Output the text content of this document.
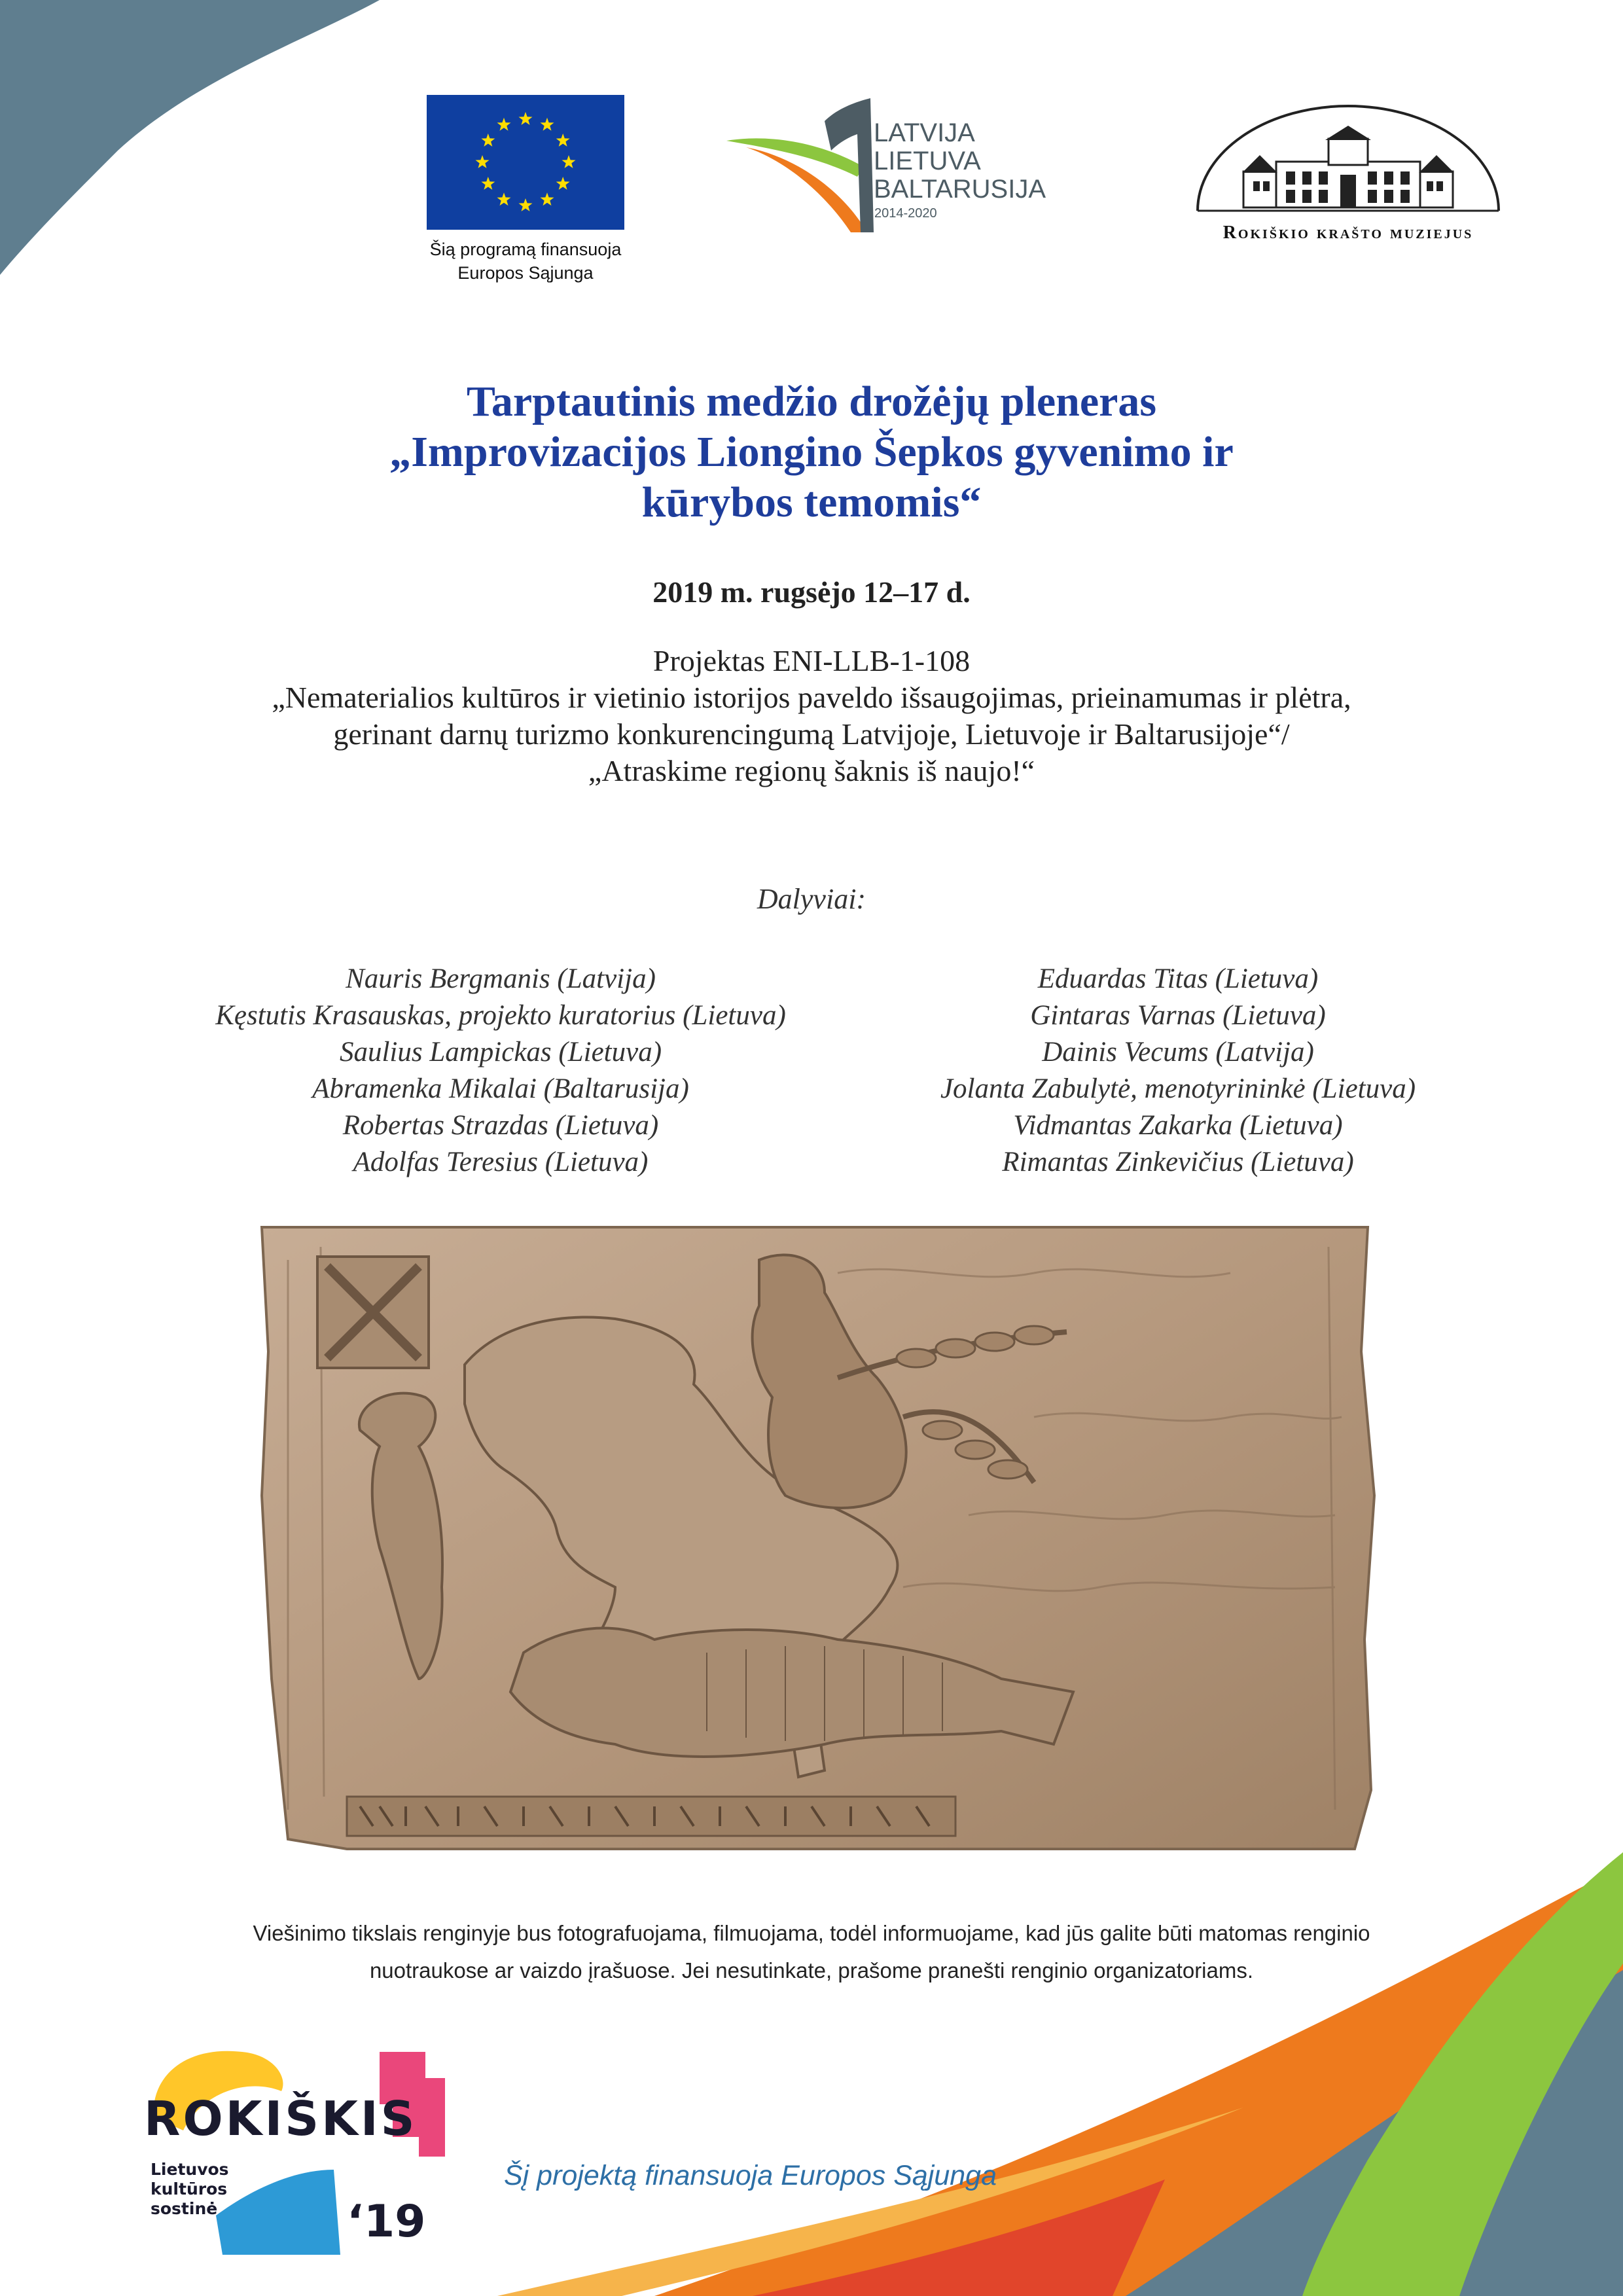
Šią programą finansuoja
Europos Sąjunga
LATVIJA
LIETUVA
BALTARUSIJA
2014-2020
Rokiškio krašto muziejus
Tarptautinis medžio drožėjų pleneras
„Improvizacijos Liongino Šepkos gyvenimo ir
kūrybos temomis“
2019 m. rugsėjo 12–17 d.
Projektas ENI-LLB-1-108
„Nematerialios kultūros ir vietinio istorijos paveldo išsaugojimas, prieinamumas ir plėtra,
gerinant darnų turizmo konkurencingumą Latvijoje, Lietuvoje ir Baltarusijoje“/
„Atraskime regionų šaknis iš naujo!“
Dalyviai:
Nauris Bergmanis (Latvija)
Kęstutis Krasauskas, projekto kuratorius (Lietuva)
Saulius Lampickas (Lietuva)
Abramenka Mikalai (Baltarusija)
Robertas Strazdas (Lietuva)
Adolfas Teresius (Lietuva)
Eduardas Titas (Lietuva)
Gintaras Varnas (Lietuva)
Dainis Vecums (Latvija)
Jolanta Zabulytė, menotyrininkė (Lietuva)
Vidmantas Zakarka (Lietuva)
Rimantas Zinkevičius (Lietuva)
Viešinimo tikslais renginyje bus fotografuojama, filmuojama, todėl informuojame, kad jūs galite būti matomas renginio
nuotraukose ar vaizdo įrašuose. Jei nesutinkate, prašome pranešti renginio organizatoriams.
ROKIŠKIS
Lietuvos
kultūros
sostinė	‘19
Šį projektą finansuoja Europos Sąjunga
